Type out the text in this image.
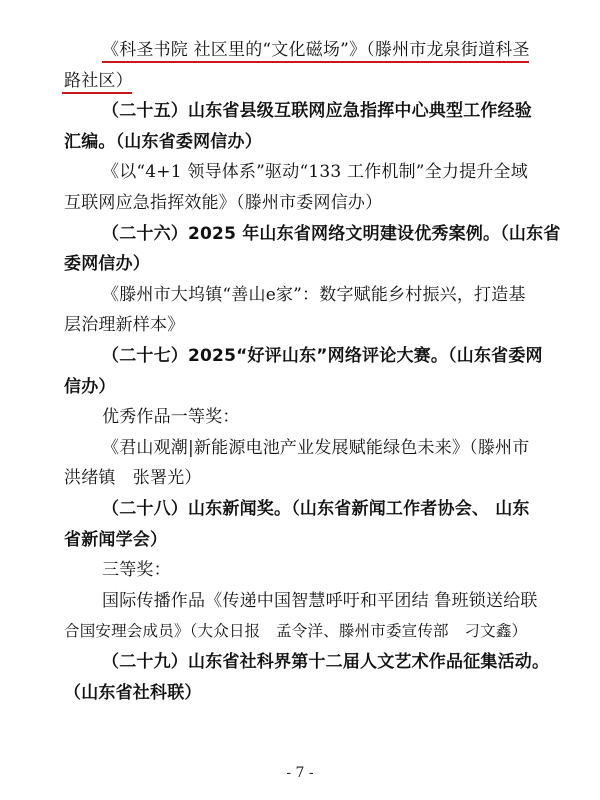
《科圣书院 社区里的“文化磁场”》（滕州市龙泉街道科圣
路社区）
（二十五）山东省县级互联网应急指挥中心典型工作经验
汇编。（山东省委网信办）
《以“4+1 领导体系”驱动“133 工作机制”全力提升全域
互联网应急指挥效能》（滕州市委网信办）
（二十六）2025 年山东省网络文明建设优秀案例。（山东省
委网信办）
《滕州市大坞镇“善山e家”：数字赋能乡村振兴，打造基
层治理新样本》
（二十七）2025“好评山东”网络评论大赛。（山东省委网
信办）
优秀作品一等奖：
《君山观潮|新能源电池产业发展赋能绿色未来》（滕州市
洪绪镇　张署光）
（二十八）山东新闻奖。（山东省新闻工作者协会、 山东
省新闻学会）
三等奖：
国际传播作品《传递中国智慧呼吁和平团结 鲁班锁送给联
合国安理会成员》（大众日报　孟令洋、滕州市委宣传部　刁文鑫）
（二十九）山东省社科界第十二届人文艺术作品征集活动。
（山东省社科联）
- 7 -
